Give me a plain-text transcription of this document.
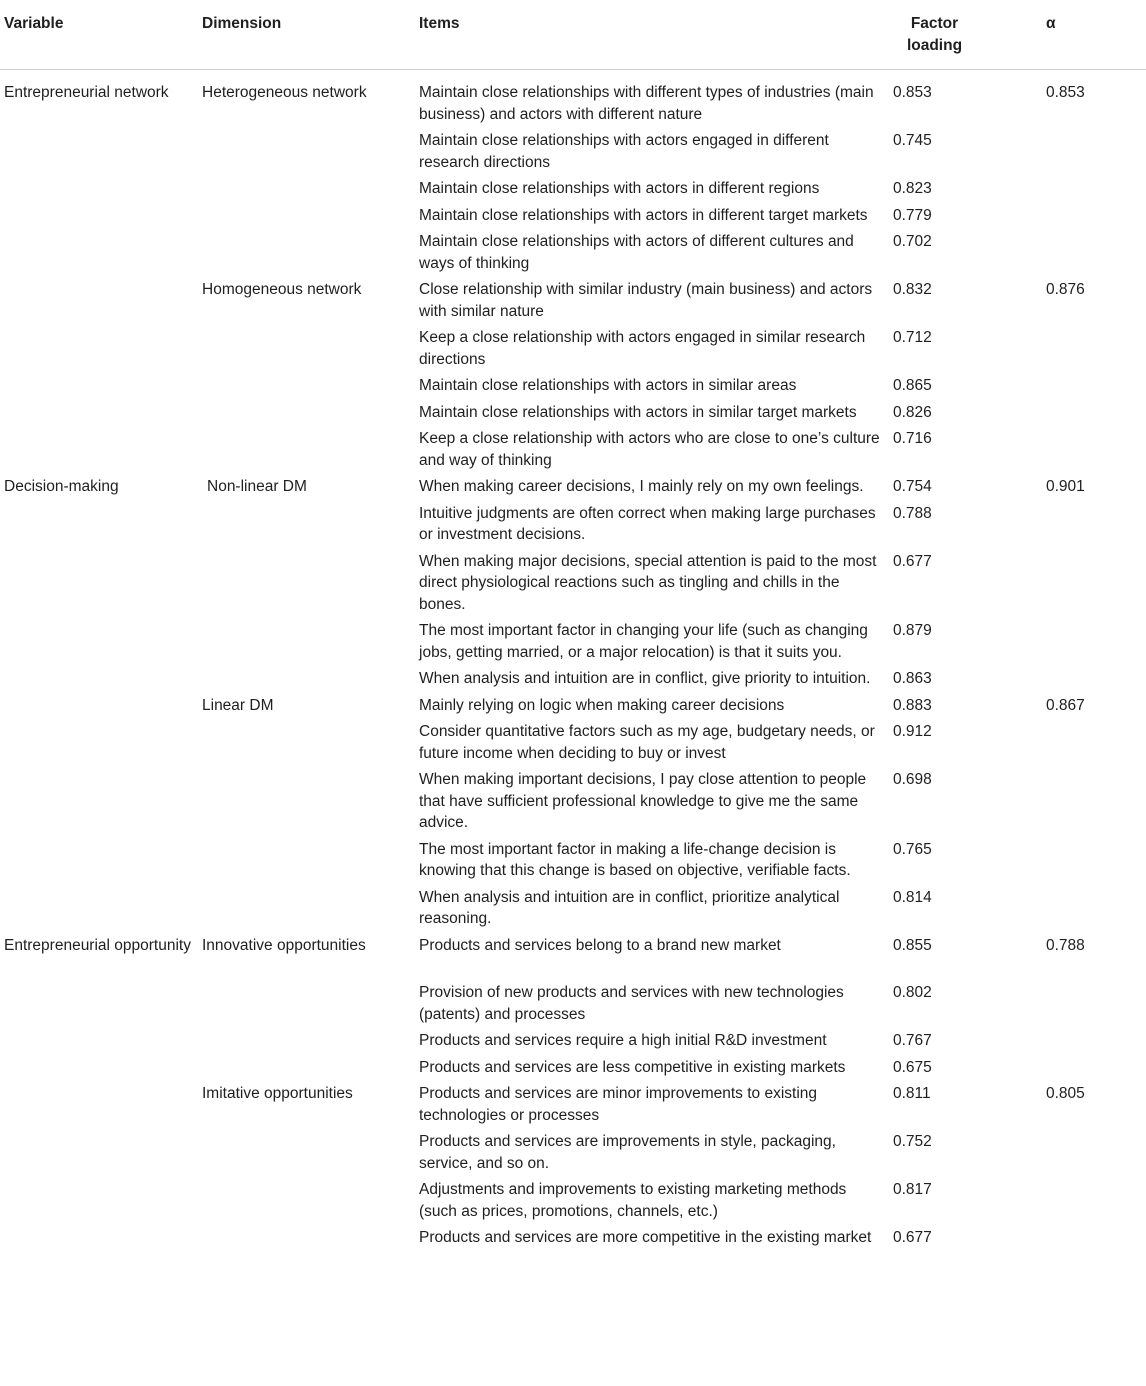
Variable	Dimension	Items	Factor loading	α
Entrepreneurial network	Heterogeneous network	Maintain close relationships with different types of industries (main business) and actors with different nature	0.853	0.853
		Maintain close relationships with actors engaged in different research directions	0.745	
		Maintain close relationships with actors in different regions	0.823	
		Maintain close relationships with actors in different target markets	0.779	
		Maintain close relationships with actors of different cultures and ways of thinking	0.702	
	Homogeneous network	Close relationship with similar industry (main business) and actors with similar nature	0.832	0.876
		Keep a close relationship with actors engaged in similar research directions	0.712	
		Maintain close relationships with actors in similar areas	0.865	
		Maintain close relationships with actors in similar target markets	0.826	
		Keep a close relationship with actors who are close to one’s culture and way of thinking	0.716	
Decision-making	Non-linear DM	When making career decisions, I mainly rely on my own feelings.	0.754	0.901
		Intuitive judgments are often correct when making large purchases or investment decisions.	0.788	
		When making major decisions, special attention is paid to the most direct physiological reactions such as tingling and chills in the bones.	0.677	
		The most important factor in changing your life (such as changing jobs, getting married, or a major relocation) is that it suits you.	0.879	
		When analysis and intuition are in conflict, give priority to intuition.	0.863	
	Linear DM	Mainly relying on logic when making career decisions	0.883	0.867
		Consider quantitative factors such as my age, budgetary needs, or future income when deciding to buy or invest	0.912	
		When making important decisions, I pay close attention to people that have sufficient professional knowledge to give me the same advice.	0.698	
		The most important factor in making a life-change decision is knowing that this change is based on objective, verifiable facts.	0.765	
		When analysis and intuition are in conflict, prioritize analytical reasoning.	0.814	
Entrepreneurial opportunity	Innovative opportunities	Products and services belong to a brand new market	0.855	0.788
		Provision of new products and services with new technologies (patents) and processes	0.802	
		Products and services require a high initial R&D investment	0.767	
		Products and services are less competitive in existing markets	0.675	
	Imitative opportunities	Products and services are minor improvements to existing technologies or processes	0.811	0.805
		Products and services are improvements in style, packaging, service, and so on.	0.752	
		Adjustments and improvements to existing marketing methods (such as prices, promotions, channels, etc.)	0.817	
		Products and services are more competitive in the existing market	0.677	
